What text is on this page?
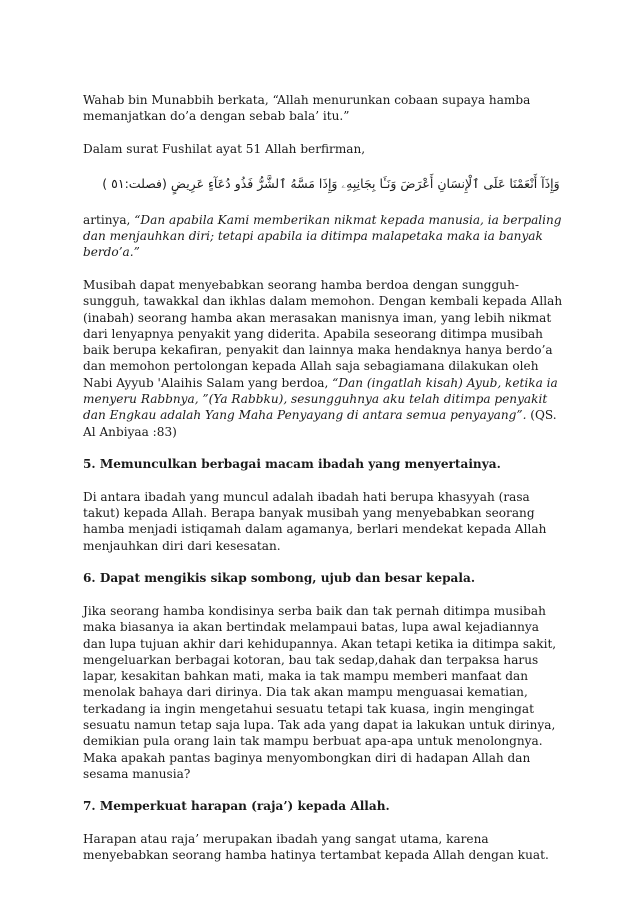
Wahab bin Munabbih berkata, “Allah menurunkan cobaan supaya hamba memanjatkan do’a dengan sebab bala’ itu.”

Dalam surat Fushilat ayat 51 Allah berfirman,

وَإِذَآ أَنْعَمْنَا عَلَى ٱلْإِنسَانِ أَعْرَضَ وَنَـَٔا بِجَانِبِهِۦ وَإِذَا مَسَّهُ ٱلشَّرُّ فَذُو دُعَآءٍ عَرِيضٍ (فصلت:٥١ )

artinya, “Dan apabila Kami memberikan nikmat kepada manusia, ia berpaling dan menjauhkan diri; tetapi apabila ia ditimpa malapetaka maka ia banyak berdo’a.”

Musibah dapat menyebabkan seorang hamba berdoa dengan sungguh-sungguh, tawakkal dan ikhlas dalam memohon. Dengan kembali kepada Allah (inabah) seorang hamba akan merasakan manisnya iman, yang lebih nikmat dari lenyapnya penyakit yang diderita. Apabila seseorang ditimpa musibah baik berupa kekafiran, penyakit dan lainnya maka hendaknya hanya berdo’a dan memohon pertolongan kepada Allah saja sebagiamana dilakukan oleh Nabi Ayyub 'Alaihis Salam yang berdoa, “Dan (ingatlah kisah) Ayub, ketika ia menyeru Rabbnya, ”(Ya Rabbku), sesungguhnya aku telah ditimpa penyakit dan Engkau adalah Yang Maha Penyayang di antara semua penyayang”. (QS. Al Anbiyaa :83)

5. Memunculkan berbagai macam ibadah yang menyertainya.

Di antara ibadah yang muncul adalah ibadah hati berupa khasyyah (rasa takut) kepada Allah. Berapa banyak musibah yang menyebabkan seorang hamba menjadi istiqamah dalam agamanya, berlari mendekat kepada Allah menjauhkan diri dari kesesatan.

6. Dapat mengikis sikap sombong, ujub dan besar kepala.

Jika seorang hamba kondisinya serba baik dan tak pernah ditimpa musibah maka biasanya ia akan bertindak melampaui batas, lupa awal kejadiannya dan lupa tujuan akhir dari kehidupannya. Akan tetapi ketika ia ditimpa sakit, mengeluarkan berbagai kotoran, bau tak sedap,dahak dan terpaksa harus lapar, kesakitan bahkan mati, maka ia tak mampu memberi manfaat dan menolak bahaya dari dirinya. Dia tak akan mampu menguasai kematian, terkadang ia ingin mengetahui sesuatu tetapi tak kuasa, ingin mengingat sesuatu namun tetap saja lupa. Tak ada yang dapat ia lakukan untuk dirinya, demikian pula orang lain tak mampu berbuat apa-apa untuk menolongnya. Maka apakah pantas baginya menyombongkan diri di hadapan Allah dan sesama manusia?

7. Memperkuat harapan (raja’) kepada Allah.

Harapan atau raja’ merupakan ibadah yang sangat utama, karena menyebabkan seorang hamba hatinya tertambat kepada Allah dengan kuat.
